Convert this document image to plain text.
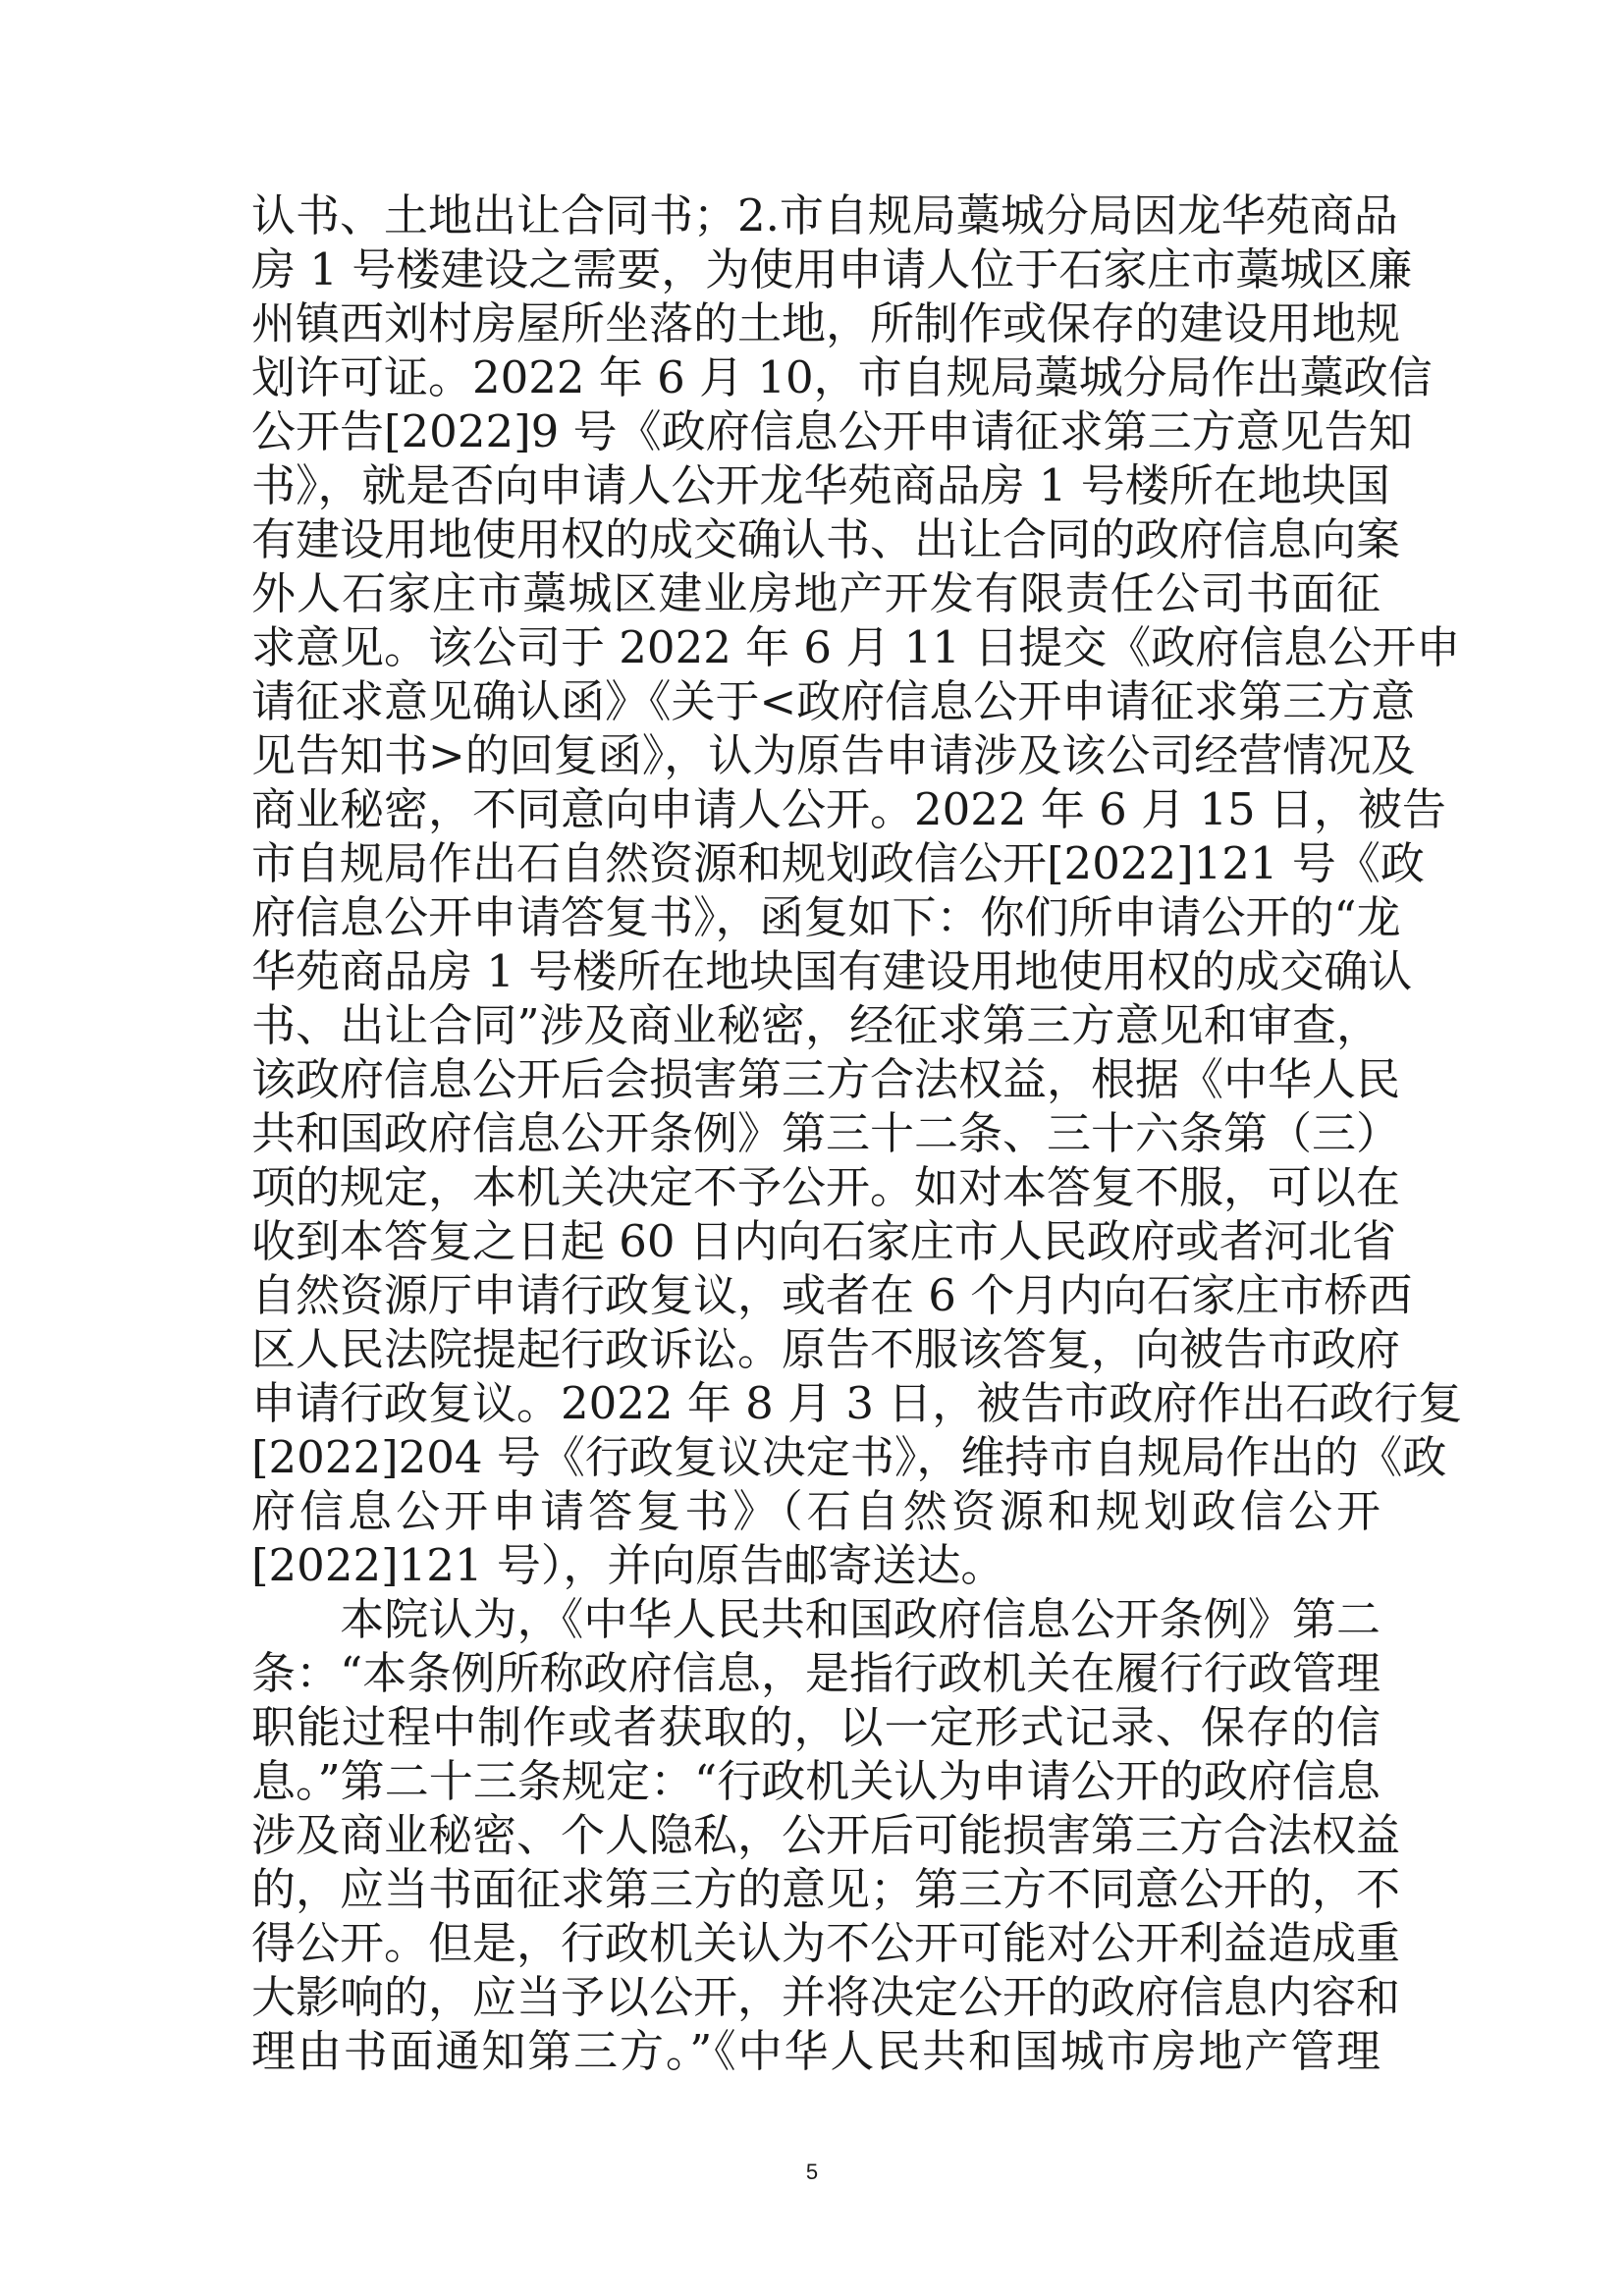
认书、土地出让合同书；2.市自规局藁城分局因龙华苑商品
房 1 号楼建设之需要，为使用申请人位于石家庄市藁城区廉
州镇西刘村房屋所坐落的土地，所制作或保存的建设用地规
划许可证。2022 年 6 月 10，市自规局藁城分局作出藁政信
公开告[2022]9 号《政府信息公开申请征求第三方意见告知
书》，就是否向申请人公开龙华苑商品房 1 号楼所在地块国
有建设用地使用权的成交确认书、出让合同的政府信息向案
外人石家庄市藁城区建业房地产开发有限责任公司书面征
求意见。该公司于 2022 年 6 月 11 日提交《政府信息公开申
请征求意见确认函》《关于<政府信息公开申请征求第三方意
见告知书>的回复函》，认为原告申请涉及该公司经营情况及
商业秘密，不同意向申请人公开。2022 年 6 月 15 日，被告
市自规局作出石自然资源和规划政信公开[2022]121 号《政
府信息公开申请答复书》，函复如下：你们所申请公开的“龙
华苑商品房 1 号楼所在地块国有建设用地使用权的成交确认
书、出让合同”涉及商业秘密，经征求第三方意见和审查，
该政府信息公开后会损害第三方合法权益，根据《中华人民
共和国政府信息公开条例》第三十二条、三十六条第（三）
项的规定，本机关决定不予公开。如对本答复不服，可以在
收到本答复之日起 60 日内向石家庄市人民政府或者河北省
自然资源厅申请行政复议，或者在 6 个月内向石家庄市桥西
区人民法院提起行政诉讼。原告不服该答复，向被告市政府
申请行政复议。2022 年 8 月 3 日，被告市政府作出石政行复
[2022]204 号《行政复议决定书》，维持市自规局作出的《政
府信息公开申请答复书》（石自然资源和规划政信公开
[2022]121 号），并向原告邮寄送达。
　　本院认为，《中华人民共和国政府信息公开条例》第二
条：“本条例所称政府信息，是指行政机关在履行行政管理
职能过程中制作或者获取的，以一定形式记录、保存的信
息。”第二十三条规定：“行政机关认为申请公开的政府信息
涉及商业秘密、个人隐私，公开后可能损害第三方合法权益
的，应当书面征求第三方的意见；第三方不同意公开的，不
得公开。但是，行政机关认为不公开可能对公开利益造成重
大影响的，应当予以公开，并将决定公开的政府信息内容和
理由书面通知第三方。”《中华人民共和国城市房地产管理
5
